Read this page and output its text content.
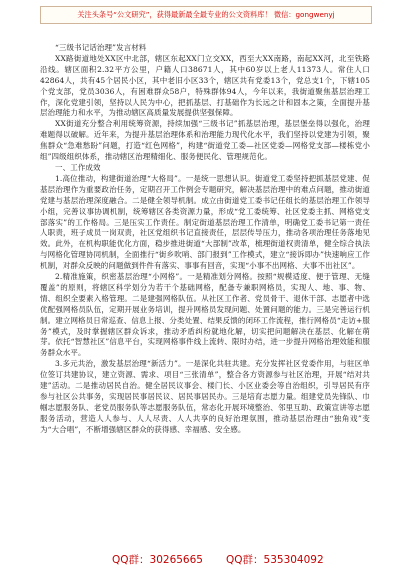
关注头条号“公文研究”，获得最新最全最专业的公文资料库！ 微信：gongwenyj

“三级书记话治理”发言材料

XX路街道地处XX区中北部，辖区东起XX门立交XX，西至大XX南路，南起XX河，北至铁路沿线。辖区面积2.32平方公里，户籍人口38671人，其中60岁以上老人11373人。常住人口42864人，共有45个居民小区，其中老旧小区33个，辖区共有党委13个，党总支1个，下辖105个党支部，党员3036人，有困难群众58户，特殊群体94人，今年以来，我街道聚焦基层治理工作，深化党建引领，坚持以人民为中心，把抓基层、打基础作为长远之计和固本之策，全面提升基层治理能力和水平，为推动辖区高质量发展提供坚强保障。

XX街道充分整合利用统筹资源，持续加强“三级书记”抓基层治理，基层堡垒得以强化，治理难题得以破解。近年来，为提升基层治理体系和治理能力现代化水平，我们坚持以党建为引领，聚焦群众“急难愁盼”问题，打造“红色网格”，构建“街道党工委—社区党委—网格党支部—楼栋党小组”四级组织体系，推动辖区治理精细化、服务便民化、管理规范化。

一、工作成效

1.高位推动，构建街道治理“大格局”。一是统一思想认识。街道党工委坚持把抓基层党建、促基层治理作为重要政治任务，定期召开工作例会专题研究，解决基层治理中的难点问题，推动街道党建与基层治理深度融合。二是健全领导机制。成立由街道党工委书记任组长的基层治理工作领导小组，完善议事协调机制，统筹辖区各类资源力量，形成“党工委统筹、社区党委主抓、网格党支部落实”的工作格局。三是压实工作责任。制定街道基层治理工作清单，明确党工委书记第一责任人职责，班子成员一岗双责，社区党组织书记直接责任，层层传导压力，推动各项治理任务落地见效。此外，在机构职能优化方面，稳步推进街道“大部制”改革，梳理街道权责清单，健全综合执法与网格化管理协同机制，全面推行“街乡吹哨、部门报到”工作模式，建立“接诉即办”快速响应工作机制，对群众反映的问题做到件件有落实、事事有回音，实现“小事不出网格、大事不出社区”。

2.精准施策，织密基层治理“小网格”。一是精准划分网格。按照“规模适度、便于管理、无缝覆盖”的原则，将辖区科学划分为若干个基础网格，配备专兼职网格员，实现人、地、事、物、情、组织全要素入格管理。二是建强网格队伍。从社区工作者、党员骨干、退休干部、志愿者中选优配强网格员队伍，定期开展业务培训，提升网格员发现问题、处置问题的能力。三是完善运行机制。建立网格员日常巡查、信息上报、分类处置、结果反馈的闭环工作流程，推行网格员“走访+服务”模式，及时掌握辖区群众诉求，推动矛盾纠纷就地化解，切实把问题解决在基层、化解在萌芽。依托“智慧社区”信息平台，实现网格事件线上流转、限时办结，进一步提升网格治理效能和服务群众水平。

3.多元共治，激发基层治理“新活力”。一是深化共驻共建。充分发挥社区党委作用，与驻区单位签订共建协议，建立资源、需求、项目“三张清单”，整合各方资源参与社区治理，开展“结对共建”活动。二是推动居民自治。健全居民议事会、楼门长、小区业委会等自治组织，引导居民有序参与社区公共事务，实现居民事居民议、居民事居民办。三是培育志愿力量。组建党员先锋队、巾帼志愿服务队、老党员服务队等志愿服务队伍，常态化开展环境整治、邻里互助、政策宣讲等志愿服务活动，营造人人参与、人人尽责、人人共享的良好治理氛围，推动基层治理由“独角戏”变为“大合唱”，不断增强辖区群众的获得感、幸福感、安全感。

QQ群：30265665 QQ群：535304092
